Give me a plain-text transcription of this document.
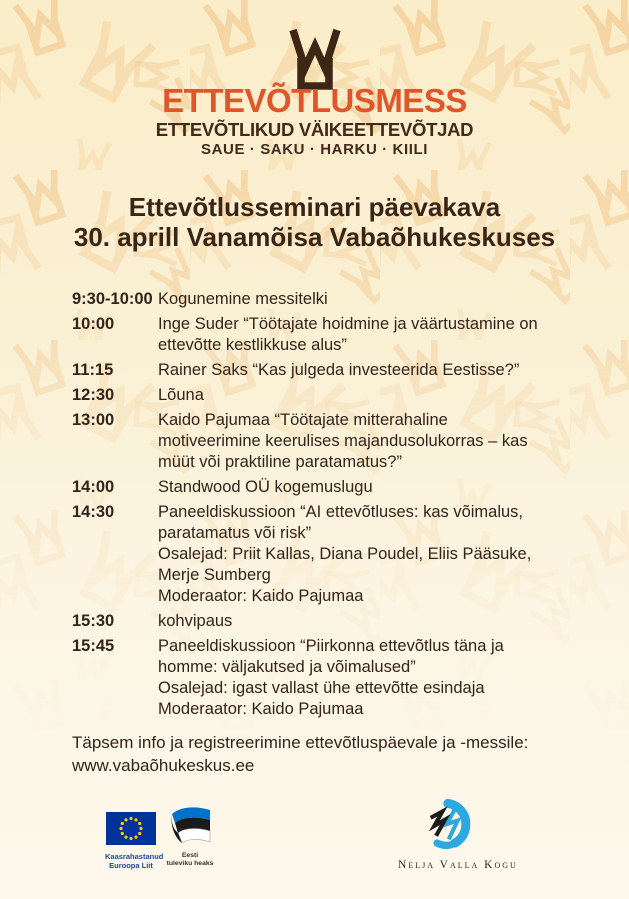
ETTEVÕTLUSMESS
ETTEVÕTLIKUD VÄIKEETTEVÕTJAD
SAUE · SAKU · HARKU · KIILI
Ettevõtlusseminari päevakava
30. aprill Vanamõisa Vabaõhukeskuses
9:30-10:00 Kogunemine messitelki
10:00	Inge Suder “Töötajate hoidmine ja väärtustamine on ettevõtte kestlikkuse alus”
11:15	Rainer Saks “Kas julgeda investeerida Eestisse?”
12:30	Lõuna
13:00	Kaido Pajumaa “Töötajate mitterahaline motiveerimine keerulises majandusolukorras – kas müüt või praktiline paratamatus?”
14:00	Standwood OÜ kogemuslugu
14:30	Paneeldiskussioon “AI ettevõtluses: kas võimalus, paratamatus või risk”
Osalejad: Priit Kallas, Diana Poudel, Eliis Pääsuke, Merje Sumberg
Moderaator: Kaido Pajumaa
15:30	kohvipaus
15:45	Paneeldiskussioon “Piirkonna ettevõtlus täna ja homme: väljakutsed ja võimalused”
Osalejad: igast vallast ühe ettevõtte esindaja
Moderaator: Kaido Pajumaa
Täpsem info ja registreerimine ettevõtluspäevale ja -messile:
www.vabaõhukeskus.ee
Kaasrahastanud
Euroopa Liit
Eesti
tuleviku heaks	Nelja Valla Kogu
